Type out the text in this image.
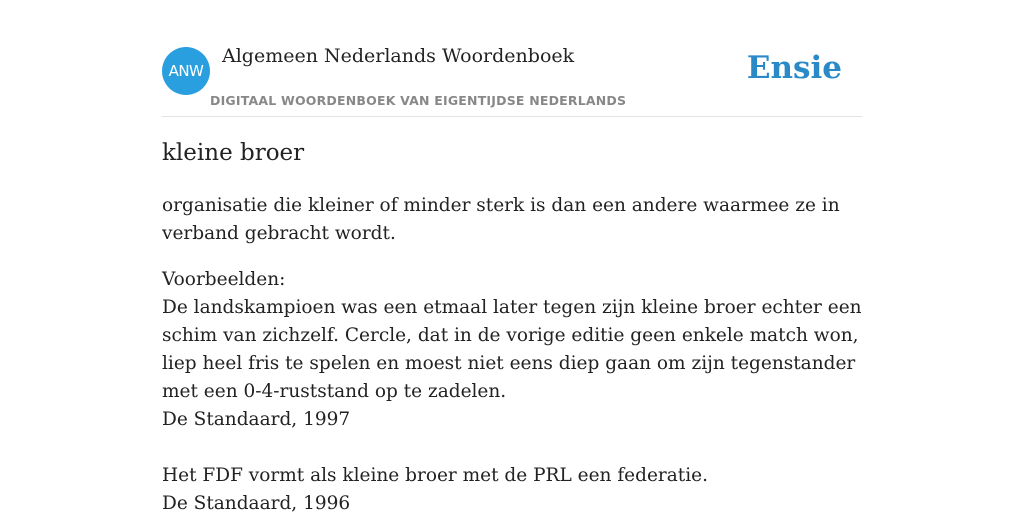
ANW
Algemeen Nederlands Woordenboek
DIGITAAL WOORDENBOEK VAN EIGENTIJDSE NEDERLANDS
Ensie
kleine broer

organisatie die kleiner of minder sterk is dan een andere waarmee ze in verband gebracht wordt.

Voorbeelden:

De landskampioen was een etmaal later tegen zijn kleine broer echter een schim van zichzelf. Cercle, dat in de vorige editie geen enkele match won, liep heel fris te spelen en moest niet eens diep gaan om zijn tegenstander met een 0-4-ruststand op te zadelen.

De Standaard, 1997

Het FDF vormt als kleine broer met de PRL een federatie.

De Standaard, 1996
